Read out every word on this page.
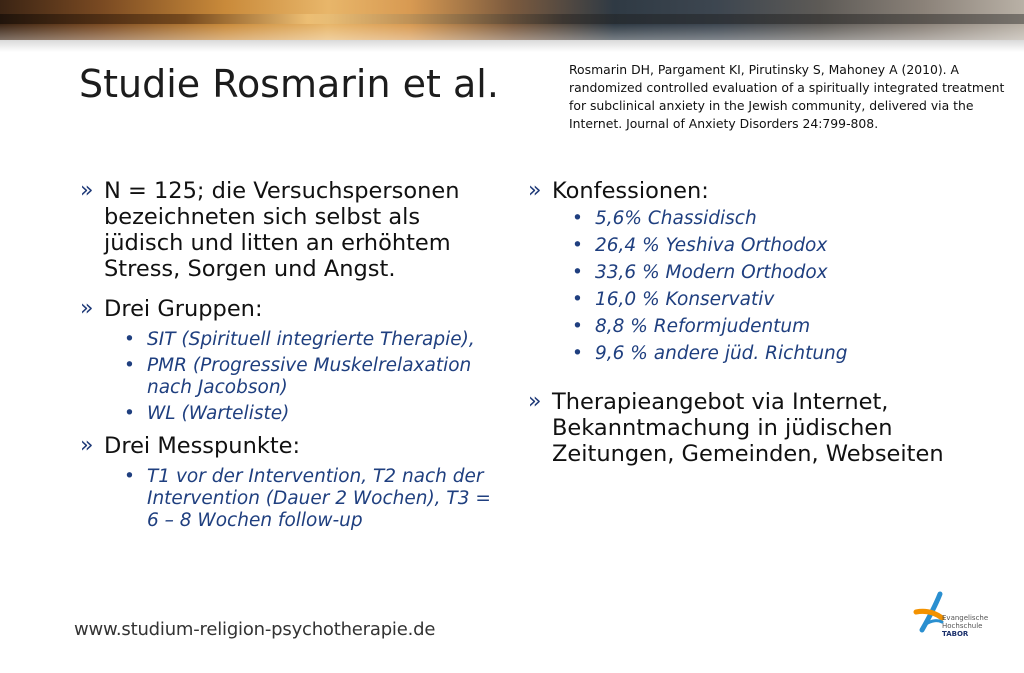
Studie Rosmarin et al.	Rosmarin DH, Pargament KI, Pirutinsky S, Mahoney A (2010). A randomized controlled evaluation of a spiritually integrated treatment for subclinical anxiety in the Jewish community, delivered via the Internet. Journal of Anxiety Disorders 24:799-808.
» N = 125; die Versuchspersonen bezeichneten sich selbst als jüdisch und litten an erhöhtem Stress, Sorgen und Angst.
» Drei Gruppen:
• SIT (Spirituell integrierte Therapie),
• PMR (Progressive Muskelrelaxation nach Jacobson)
• WL (Warteliste)
» Drei Messpunkte:
• T1 vor der Intervention, T2 nach der Intervention (Dauer 2 Wochen), T3 = 6 – 8 Wochen follow-up
» Konfessionen:
• 5,6% Chassidisch
• 26,4 % Yeshiva Orthodox
• 33,6 % Modern Orthodox
• 16,0 % Konservativ
• 8,8 % Reformjudentum
• 9,6 % andere jüd. Richtung
» Therapieangebot via Internet, Bekanntmachung in jüdischen Zeitungen, Gemeinden, Webseiten
www.studium-religion-psychotherapie.de
Evangelische
Hochschule
TABOR
